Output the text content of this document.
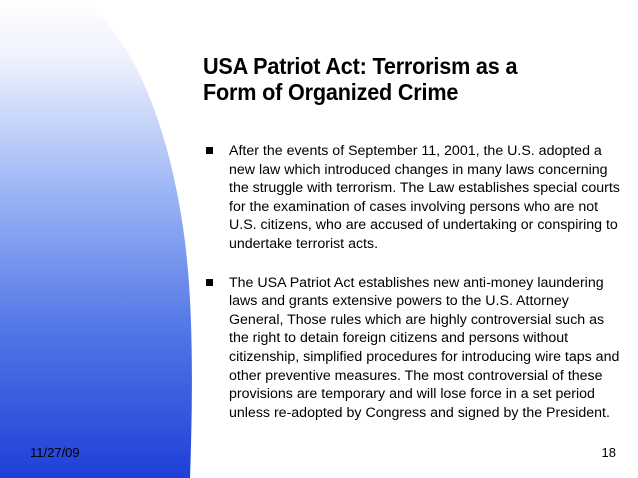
USA Patriot Act: Terrorism as a
Form of Organized Crime
After the events of September 11, 2001, the U.S. adopted a new law which introduced changes in many laws concerning the struggle with terrorism. The Law establishes special courts for the examination of cases involving persons who are not U.S. citizens, who are accused of undertaking or conspiring to undertake terrorist acts.
The USA Patriot Act establishes new anti-money laundering laws and grants extensive powers to the U.S. Attorney General, Those rules which are highly controversial such as the right to detain foreign citizens and persons without citizenship, simplified procedures for introducing wire taps and other preventive measures. The most controversial of these provisions are temporary and will lose force in a set period unless re-adopted by Congress and signed by the President.
11/27/09	18
